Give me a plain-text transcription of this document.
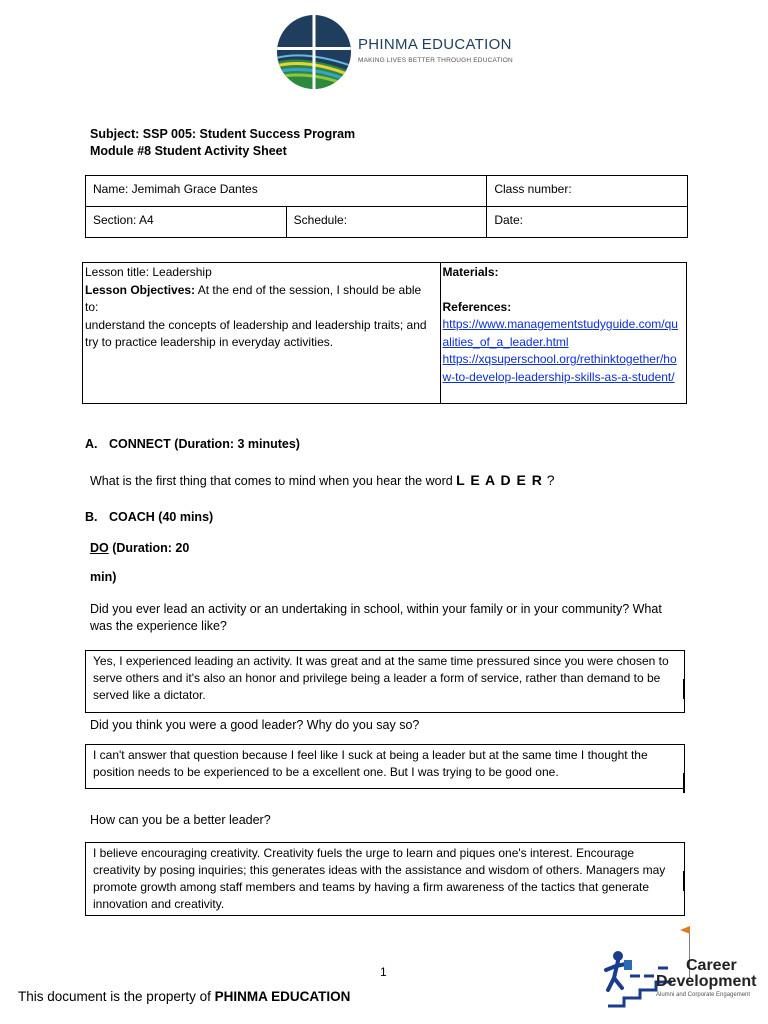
PHINMA EDUCATION
MAKING LIVES BETTER THROUGH EDUCATION
Subject: SSP 005: Student Success Program
Module #8 Student Activity Sheet
Name: Jemimah Grace Dantes		Class number:
Section: A4	Schedule:	Date:
Lesson title: Leadership
Lesson Objectives: At the end of the session, I should be able to:
understand the concepts of leadership and leadership traits; and
try to practice leadership in everyday activities.

Materials:
References:
https://www.managementstudyguide.com/qualities_of_a_leader.html
https://xqsuperschool.org/rethinktogether/how-to-develop-leadership-skills-as-a-student/
A. CONNECT (Duration: 3 minutes)
What is the first thing that comes to mind when you hear the word L E A D E R ?
B. COACH (40 mins)
DO (Duration: 20
min)
Did you ever lead an activity or an undertaking in school, within your family or in your community? What was the experience like?
Yes, I experienced leading an activity. It was great and at the same time pressured since you were chosen to serve others and it's also an honor and privilege being a leader a form of service, rather than demand to be served like a dictator.
Did you think you were a good leader? Why do you say so?
I can't answer that question because I feel like I suck at being a leader but at the same time I thought the position needs to be experienced to be a excellent one. But I was trying to be good one.
How can you be a better leader?
I believe encouraging creativity. Creativity fuels the urge to learn and piques one's interest. Encourage creativity by posing inquiries; this generates ideas with the assistance and wisdom of others. Managers may promote growth among staff members and teams by having a firm awareness of the tactics that generate innovation and creativity.
1
This document is the property of PHINMA EDUCATION
Career
Development
Alumni and Corporate Engagement
